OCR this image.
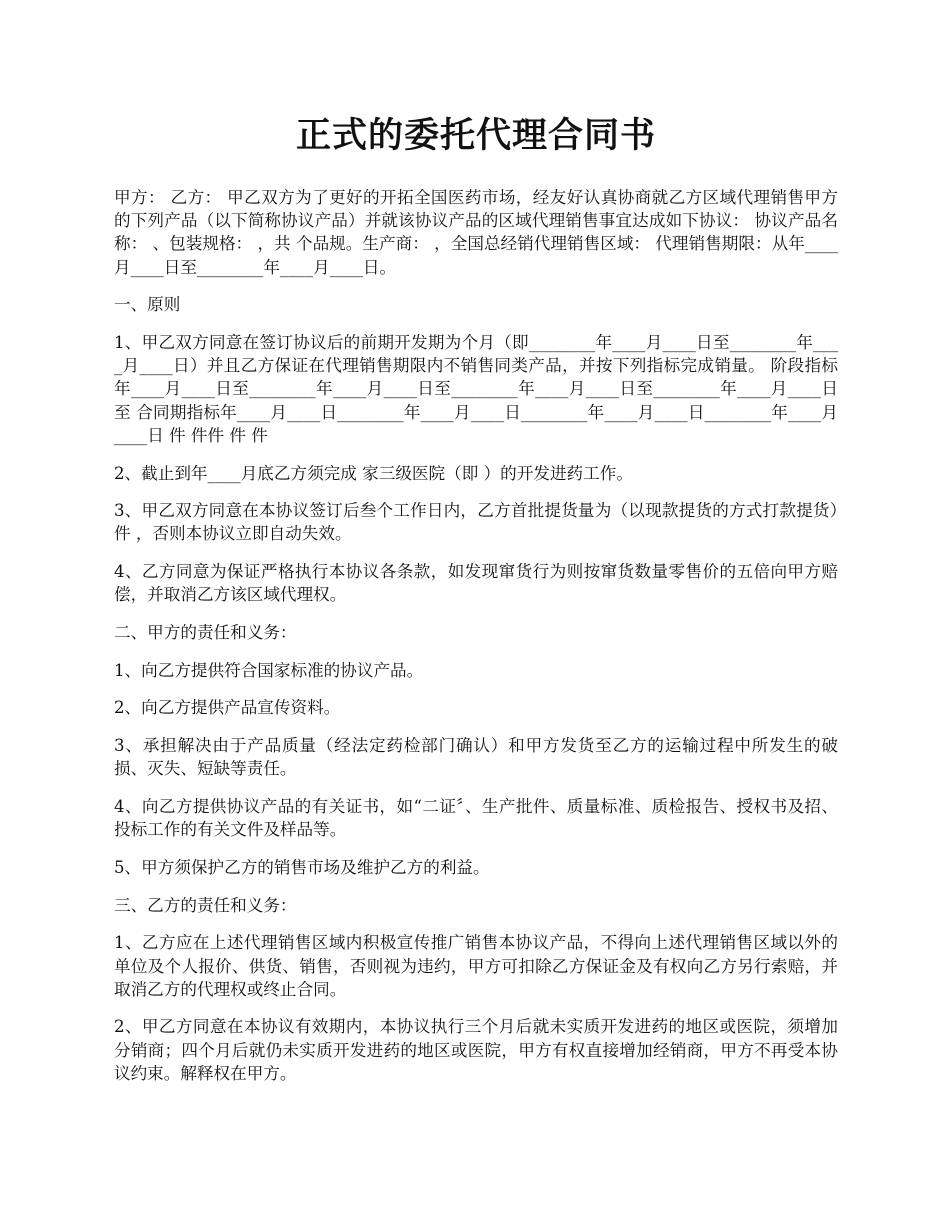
正式的委托代理合同书

甲方： 乙方： 甲乙双方为了更好的开拓全国医药市场，经友好认真协商就乙方区域代理销售甲方的下列产品（以下简称协议产品）并就该协议产品的区域代理销售事宜达成如下协议： 协议产品名称： 、包装规格： ，共 个品规。生产商： ，全国总经销代理销售区域： 代理销售期限：从年____月____日至________年____月____日。

一、原则

1、甲乙双方同意在签订协议后的前期开发期为个月（即________年____月____日至________年____月____日）并且乙方保证在代理销售期限内不销售同类产品，并按下列指标完成销量。 阶段指标年____月____日至________年____月____日至________年____月____日至________年____月____日至 合同期指标年____月____日________年____月____日________年____月____日________年____月____日 件 件件 件 件

2、截止到年____月底乙方须完成 家三级医院（即 ）的开发进药工作。

3、甲乙双方同意在本协议签订后叁个工作日内，乙方首批提货量为（以现款提货的方式打款提货）件 ，否则本协议立即自动失效。

4、乙方同意为保证严格执行本协议各条款，如发现窜货行为则按窜货数量零售价的五倍向甲方赔偿，并取消乙方该区域代理权。

二、甲方的责任和义务：

1、向乙方提供符合国家标准的协议产品。

2、向乙方提供产品宣传资料。

3、承担解决由于产品质量（经法定药检部门确认）和甲方发货至乙方的运输过程中所发生的破损、灭失、短缺等责任。

4、向乙方提供协议产品的有关证书，如“二证〞、生产批件、质量标准、质检报告、授权书及招、投标工作的有关文件及样品等。

5、甲方须保护乙方的销售市场及维护乙方的利益。

三、乙方的责任和义务：

1、乙方应在上述代理销售区域内积极宣传推广销售本协议产品，不得向上述代理销售区域以外的单位及个人报价、供货、销售，否则视为违约，甲方可扣除乙方保证金及有权向乙方另行索赔，并取消乙方的代理权或终止合同。

2、甲乙方同意在本协议有效期内，本协议执行三个月后就未实质开发进药的地区或医院，须增加分销商；四个月后就仍未实质开发进药的地区或医院，甲方有权直接增加经销商，甲方不再受本协议约束。解释权在甲方。
